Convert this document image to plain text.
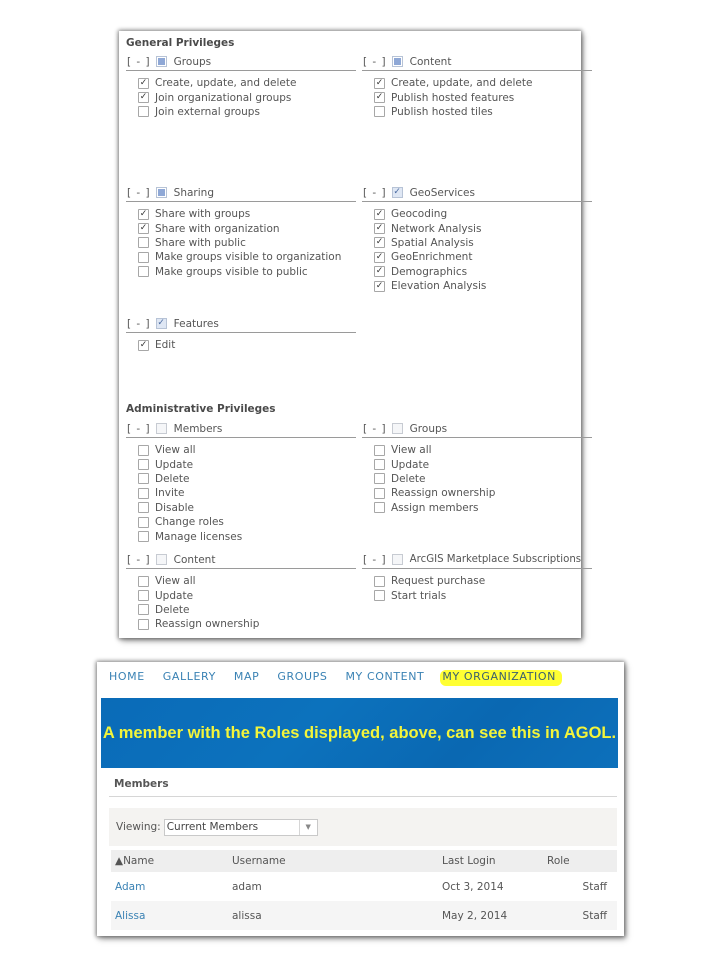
General Privileges
[ - ] Groups
✓
Create, update, and delete
✓
Join organizational groups
Join external groups
[ - ] Content
✓
Create, update, and delete
✓
Publish hosted features
Publish hosted tiles
[ - ] Sharing
✓
Share with groups
✓
Share with organization
Share with public
Make groups visible to organization
Make groups visible to public
[ - ] ✓ GeoServices
✓
Geocoding
✓
Network Analysis
✓
Spatial Analysis
✓
GeoEnrichment
✓
Demographics
✓
Elevation Analysis
[ - ] ✓ Features
✓
Edit
Administrative Privileges
[ - ] Members
View all
Update
Delete
Invite
Disable
Change roles
Manage licenses
[ - ] Groups
View all
Update
Delete
Reassign ownership
Assign members
[ - ] Content
View all
Update
Delete
Reassign ownership
[ - ] ArcGIS Marketplace Subscriptions
Request purchase
Start trials
HOME GALLERY MAP GROUPS MY CONTENT MY ORGANIZATION
A member with the Roles displayed, above, can see this in AGOL.
Members
Viewing: Current Members	▼
▲Name	Username	Last Login	Role
Adam	adam	Oct 3, 2014	Staff
Alissa	alissa	May 2, 2014	Staff
